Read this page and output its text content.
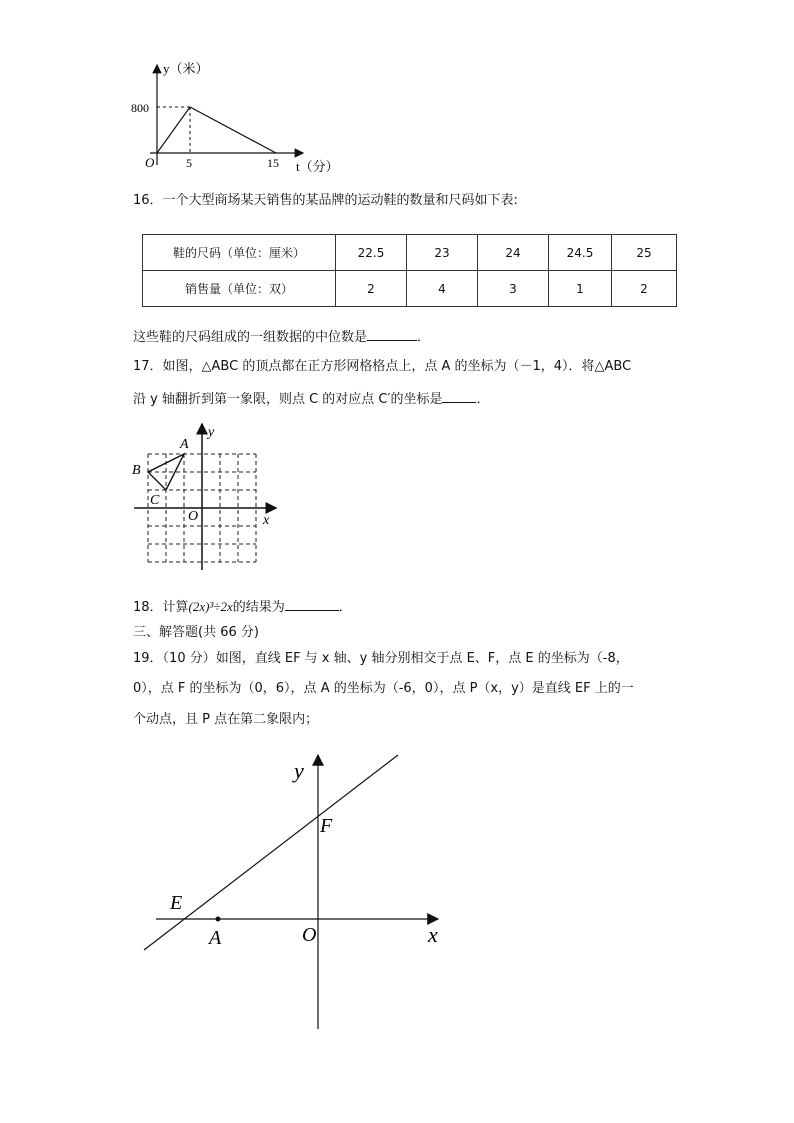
y（米）
800
O	5	15 t（分）
16．一个大型商场某天销售的某品牌的运动鞋的数量和尺码如下表:
鞋的尺码（单位：厘米）	22.5	23	24	24.5	25
销售量（单位：双）	2	4	3	1	2
这些鞋的尺码组成的一组数据的中位数是	．
17．如图，△ABC 的顶点都在正方形网格格点上，点 A 的坐标为（－1，4）．将△ABC
沿 y 轴翻折到第一象限，则点 C 的对应点 C′的坐标是	．
A
B
C
O	x
y
18．计算(2x)³÷2x的结果为	．
三、解答题(共 66 分)
19．（10 分）如图，直线 EF 与 x 轴、y 轴分别相交于点 E、F，点 E 的坐标为（-8，
0），点 F 的坐标为（0，6），点 A 的坐标为（-6，0），点 P（x，y）是直线 EF 上的一
个动点，且 P 点在第二象限内；
y
F
E
A	O	x
